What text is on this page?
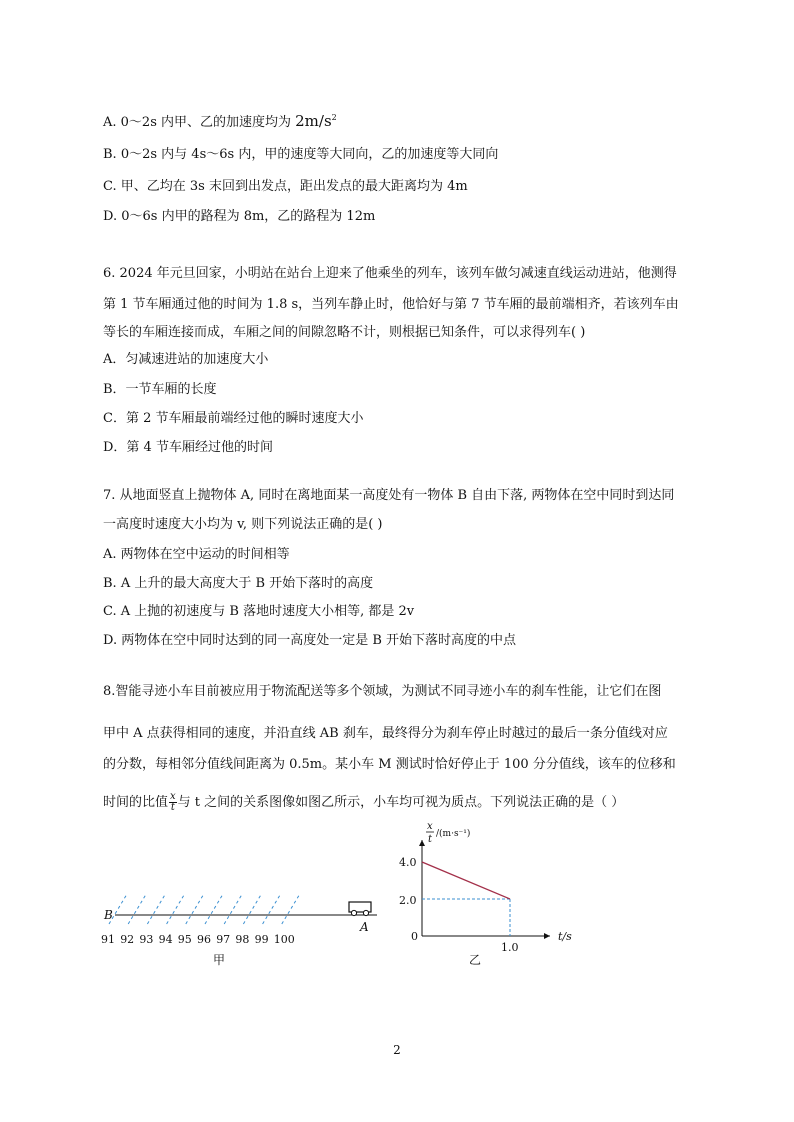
A. 0～2s 内甲、乙的加速度均为 $2m/s^2$
B. 0～2s 内与 4s～6s 内，甲的速度等大同向，乙的加速度等大同向
C. 甲、乙均在 3s 末回到出发点，距出发点的最大距离均为 4m
D. 0～6s 内甲的路程为 8m，乙的路程为 12m
6. 2024 年元旦回家，小明站在站台上迎来了他乘坐的列车，该列车做匀减速直线运动进站，他测得
第 1 节车厢通过他的时间为 1.8 s，当列车静止时，他恰好与第 7 节车厢的最前端相齐，若该列车由
等长的车厢连接而成，车厢之间的间隙忽略不计，则根据已知条件，可以求得列车( )
A．匀减速进站的加速度大小
B．一节车厢的长度
C．第 2 节车厢最前端经过他的瞬时速度大小
D．第 4 节车厢经过他的时间
7. 从地面竖直上抛物体 A, 同时在离地面某一高度处有一物体 B 自由下落, 两物体在空中同时到达同
一高度时速度大小均为 v, 则下列说法正确的是( )
A. 两物体在空中运动的时间相等
B. A 上升的最大高度大于 B 开始下落时的高度
C. A 上抛的初速度与 B 落地时速度大小相等, 都是 2v
D. 两物体在空中同时达到的同一高度处一定是 B 开始下落时高度的中点
8.智能寻迹小车目前被应用于物流配送等多个领域，为测试不同寻迹小车的刹车性能，让它们在图
甲中 A 点获得相同的速度，并沿直线 AB 刹车，最终得分为刹车停止时越过的最后一条分值线对应
的分数，每相邻分值线间距离为 0.5m。某小车 M 测试时恰好停止于 100 分分值线，该车的位移和
时间的比值 $\frac{x}{t}$ 与 t 之间的关系图像如图乙所示，小车均可视为质点。下列说法正确的是（ ）
B
A
91 92 93 94 95 96 97 98 99 100
甲
x
t /(m·s⁻¹)
t/s
0
1.0
4.0
2.0
乙
2
